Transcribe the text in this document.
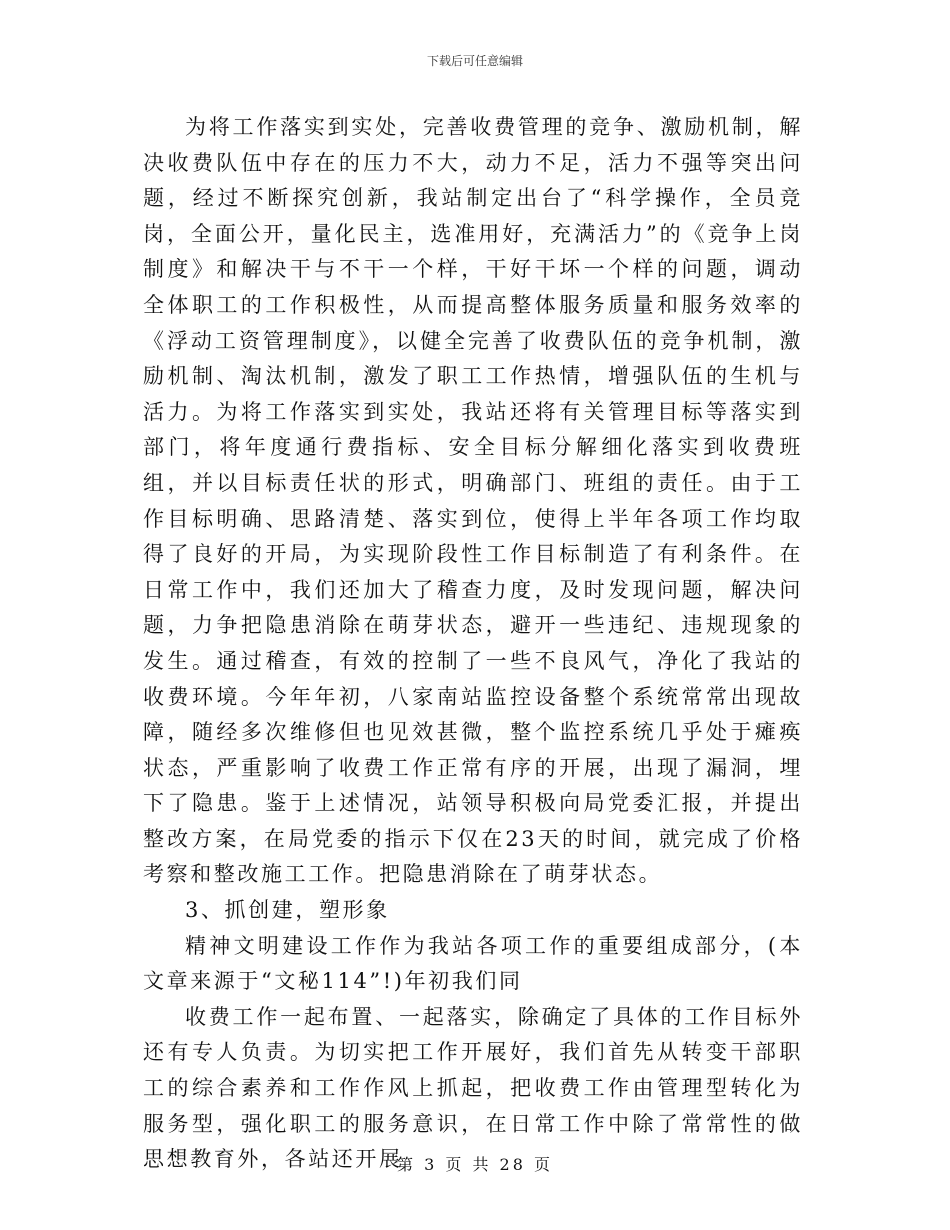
下载后可任意编辑

为将工作落实到实处，完善收费管理的竞争、激励机制，解决收费队伍中存在的压力不大，动力不足，活力不强等突出问题，经过不断探究创新，我站制定出台了“科学操作，全员竞岗，全面公开，量化民主，选准用好，充满活力”的《竞争上岗制度》和解决干与不干一个样，干好干坏一个样的问题，调动全体职工的工作积极性，从而提高整体服务质量和服务效率的《浮动工资管理制度》，以健全完善了收费队伍的竞争机制，激励机制、淘汰机制，激发了职工工作热情，增强队伍的生机与活力。为将工作落实到实处，我站还将有关管理目标等落实到部门，将年度通行费指标、安全目标分解细化落实到收费班组，并以目标责任状的形式，明确部门、班组的责任。由于工作目标明确、思路清楚、落实到位，使得上半年各项工作均取得了良好的开局，为实现阶段性工作目标制造了有利条件。在日常工作中，我们还加大了稽查力度，及时发现问题，解决问题，力争把隐患消除在萌芽状态，避开一些违纪、违规现象的发生。通过稽查，有效的控制了一些不良风气，净化了我站的收费环境。今年年初，八家南站监控设备整个系统常常出现故障，随经多次维修但也见效甚微，整个监控系统几乎处于瘫痪状态，严重影响了收费工作正常有序的开展，出现了漏洞，埋下了隐患。鉴于上述情况，站领导积极向局党委汇报，并提出整改方案，在局党委的指示下仅在23天的时间，就完成了价格考察和整改施工工作。把隐患消除在了萌芽状态。

3、抓创建，塑形象

精神文明建设工作作为我站各项工作的重要组成部分，(本文章来源于“文秘114”!)年初我们同

收费工作一起布置、一起落实，除确定了具体的工作目标外还有专人负责。为切实把工作开展好，我们首先从转变干部职工的综合素养和工作作风上抓起，把收费工作由管理型转化为服务型，强化职工的服务意识，在日常工作中除了常常性的做思想教育外，各站还开展

第 3 页 共 28 页
